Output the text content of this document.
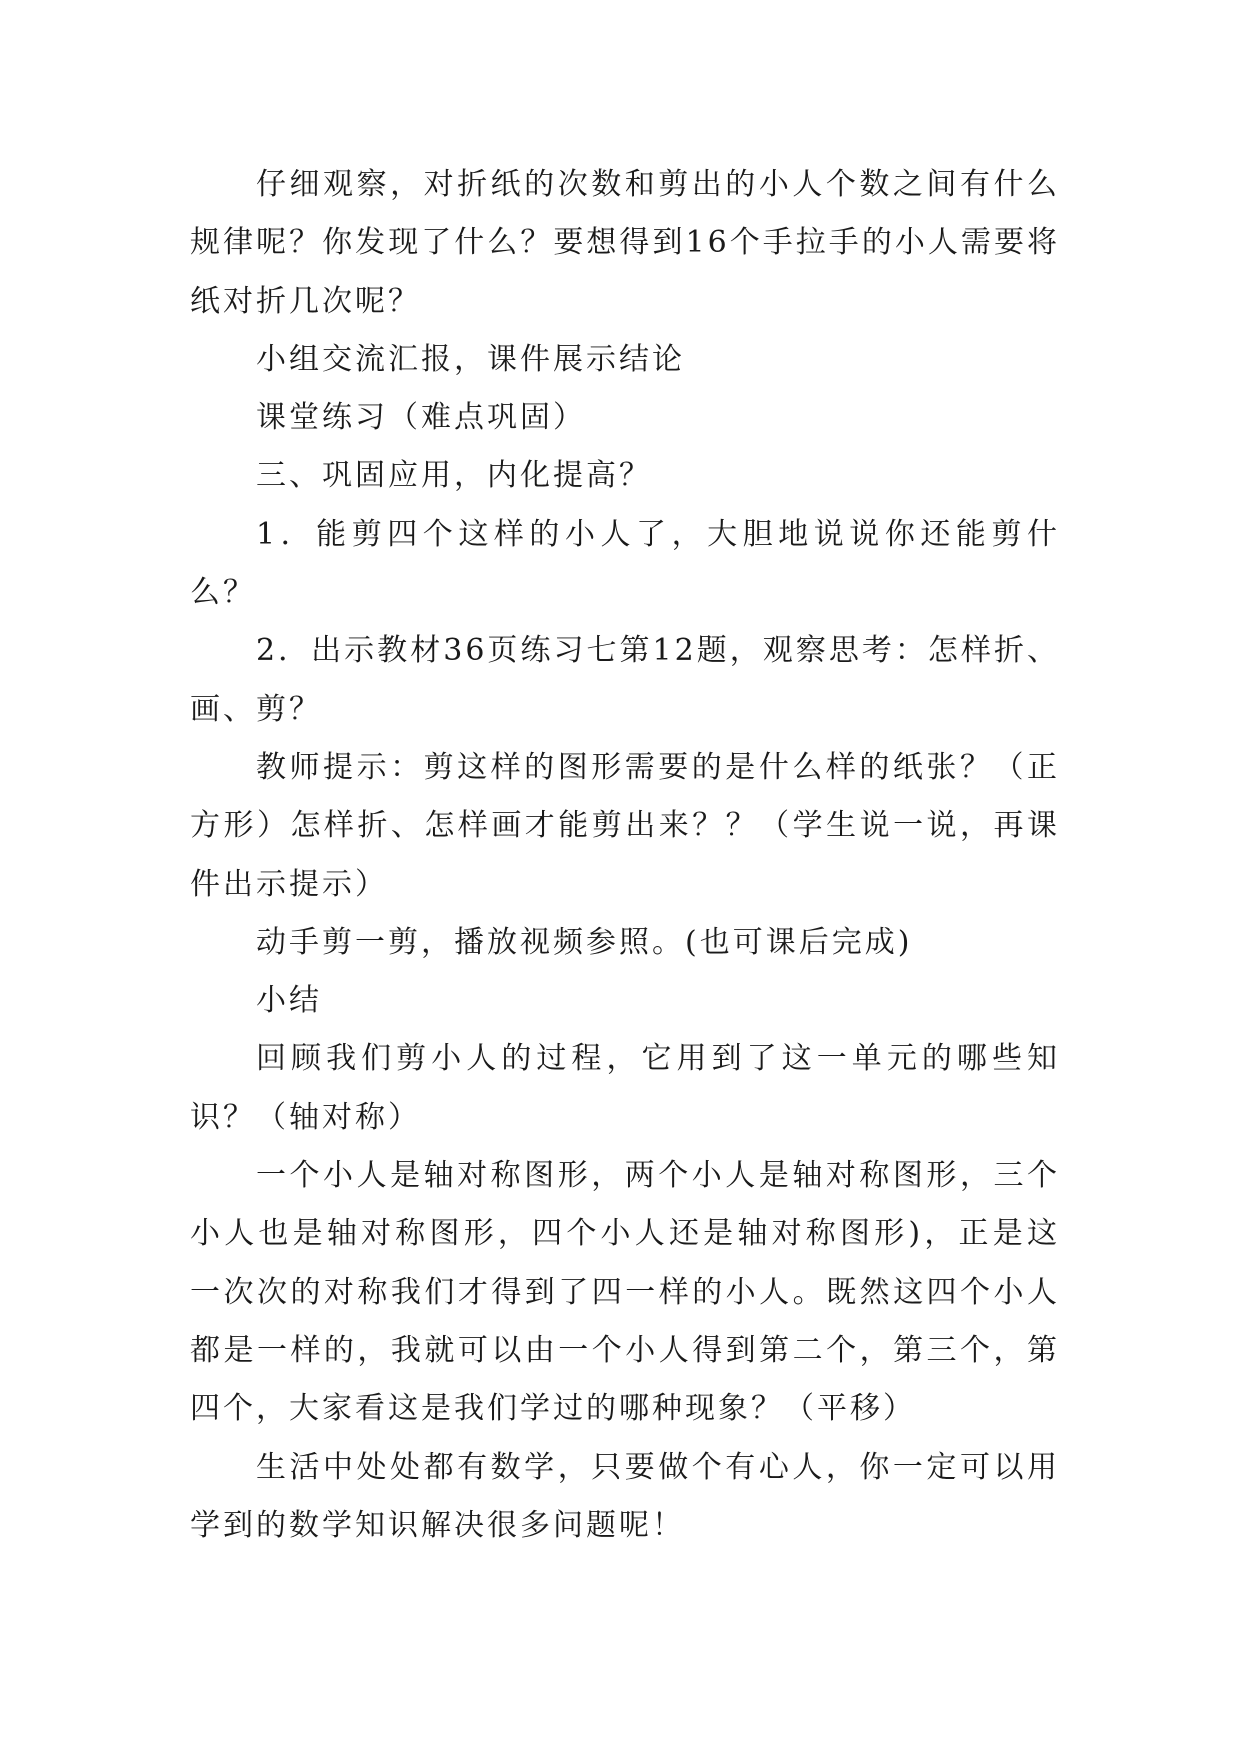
仔细观察，对折纸的次数和剪出的小人个数之间有什么规律呢？你发现了什么？要想得到16个手拉手的小人需要将纸对折几次呢？

小组交流汇报，课件展示结论

课堂练习（难点巩固）

三、巩固应用，内化提高？

1．能剪四个这样的小人了，大胆地说说你还能剪什么？

2．出示教材36页练习七第12题，观察思考：怎样折、画、剪？

教师提示：剪这样的图形需要的是什么样的纸张？（正方形）怎样折、怎样画才能剪出来？？（学生说一说，再课件出示提示）

动手剪一剪，播放视频参照。(也可课后完成)

小结

回顾我们剪小人的过程，它用到了这一单元的哪些知识？（轴对称）

一个小人是轴对称图形，两个小人是轴对称图形，三个小人也是轴对称图形，四个小人还是轴对称图形)，正是这一次次的对称我们才得到了四一样的小人。既然这四个小人都是一样的，我就可以由一个小人得到第二个，第三个，第四个，大家看这是我们学过的哪种现象？（平移）

生活中处处都有数学，只要做个有心人，你一定可以用学到的数学知识解决很多问题呢！
